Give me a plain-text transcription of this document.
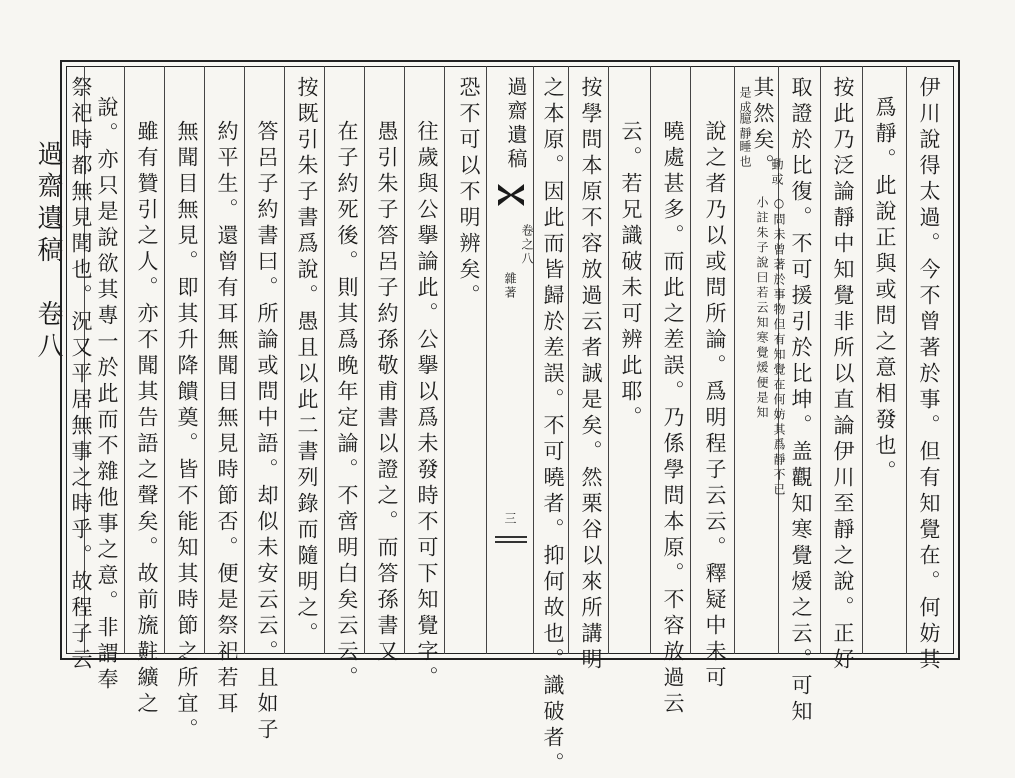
過齋遺稿　卷八	伊川說得太過。今不曾著於事。但有知覺在。何妨其
爲靜。此說正與或問之意相發也。
按此乃泛論靜中知覺非所以直論伊川至靜之說。正好
取證於比復。不可援引於比坤。盖觀知寒覺煖之云。可知
其然矣。
動或
○問未曾著於事物但有知覺在何妨其爲靜不已
小註朱子說曰若云知寒覺煖便是知
是成
臆靜
睡也
說之者乃以或問所論。爲明程子云云。釋疑中未可
曉處甚多。而此之差誤。乃係學問本原。不容放過云
云。若兄識破未可辨此耶。
按學問本原不容放過云者誠是矣。然栗谷以來所講明
之本原。因此而皆歸於差誤。不可曉者。抑何故也。識破者。
過齋遺稿
卷之八
雜著
三
恐不可以不明辨矣。
往歲與公擧論此。公擧以爲未發時不可下知覺字。
愚引朱子答呂子約孫敬甫書以證之。而答孫書又
在子約死後。則其爲晚年定論。不啻明白矣云云。
按既引朱子書爲說。愚且以此二書列錄而隨明之。
答呂子約書曰。所論或問中語。却似未安云云。且如子
約平生。還曾有耳無聞目無見時節否。便是祭祀若耳
無聞目無見。即其升降饋奠。皆不能知其時節之所宜。
雖有贊引之人。亦不聞其告語之聲矣。故前旒黈纊之
說。亦只是說欲其專一於此而不雜他事之意。非謂奉
祭祀時都無見聞也。況又平居無事之時乎。故程子云
